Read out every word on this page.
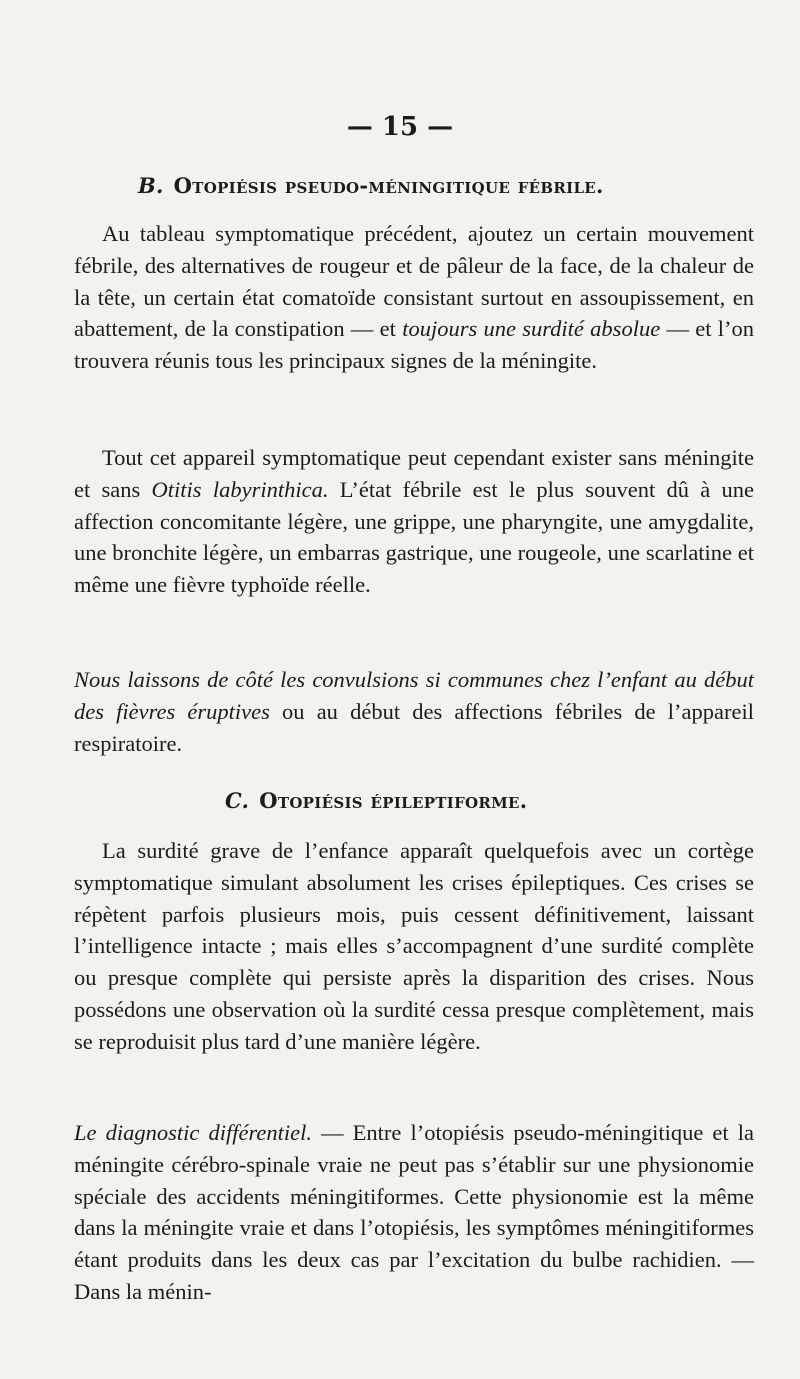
— 15 —
B. Otopiésis pseudo-méningitique fébrile.

Au tableau symptomatique précédent, ajoutez un certain mouvement fébrile, des alternatives de rougeur et de pâleur de la face, de la chaleur de la tête, un certain état comatoïde consistant surtout en assoupissement, en abattement, de la constipation — et toujours une surdité absolue — et l’on trouvera réunis tous les principaux signes de la méningite.

Tout cet appareil symptomatique peut cependant exister sans méningite et sans Otitis labyrinthica. L’état fébrile est le plus souvent dû à une affection concomitante légère, une grippe, une pharyngite, une amygdalite, une bronchite légère, un embarras gastrique, une rougeole, une scarlatine et même une fièvre typhoïde réelle.

Nous laissons de côté les convulsions si communes chez l’enfant au début des fièvres éruptives ou au début des affections fébriles de l’appareil respiratoire.

C. Otopiésis épileptiforme.

La surdité grave de l’enfance apparaît quelquefois avec un cortège symptomatique simulant absolument les crises épileptiques. Ces crises se répètent parfois plusieurs mois, puis cessent définitivement, laissant l’intelligence intacte ; mais elles s’accompagnent d’une surdité complète ou presque complète qui persiste après la disparition des crises. Nous possédons une observation où la surdité cessa presque complètement, mais se reproduisit plus tard d’une manière légère.

Le diagnostic différentiel. — Entre l’otopiésis pseudo-méningitique et la méningite cérébro-spinale vraie ne peut pas s’établir sur une physionomie spéciale des accidents méningitiformes. Cette physionomie est la même dans la méningite vraie et dans l’otopiésis, les symptômes méningitiformes étant produits dans les deux cas par l’excitation du bulbe rachidien. — Dans la ménin-
